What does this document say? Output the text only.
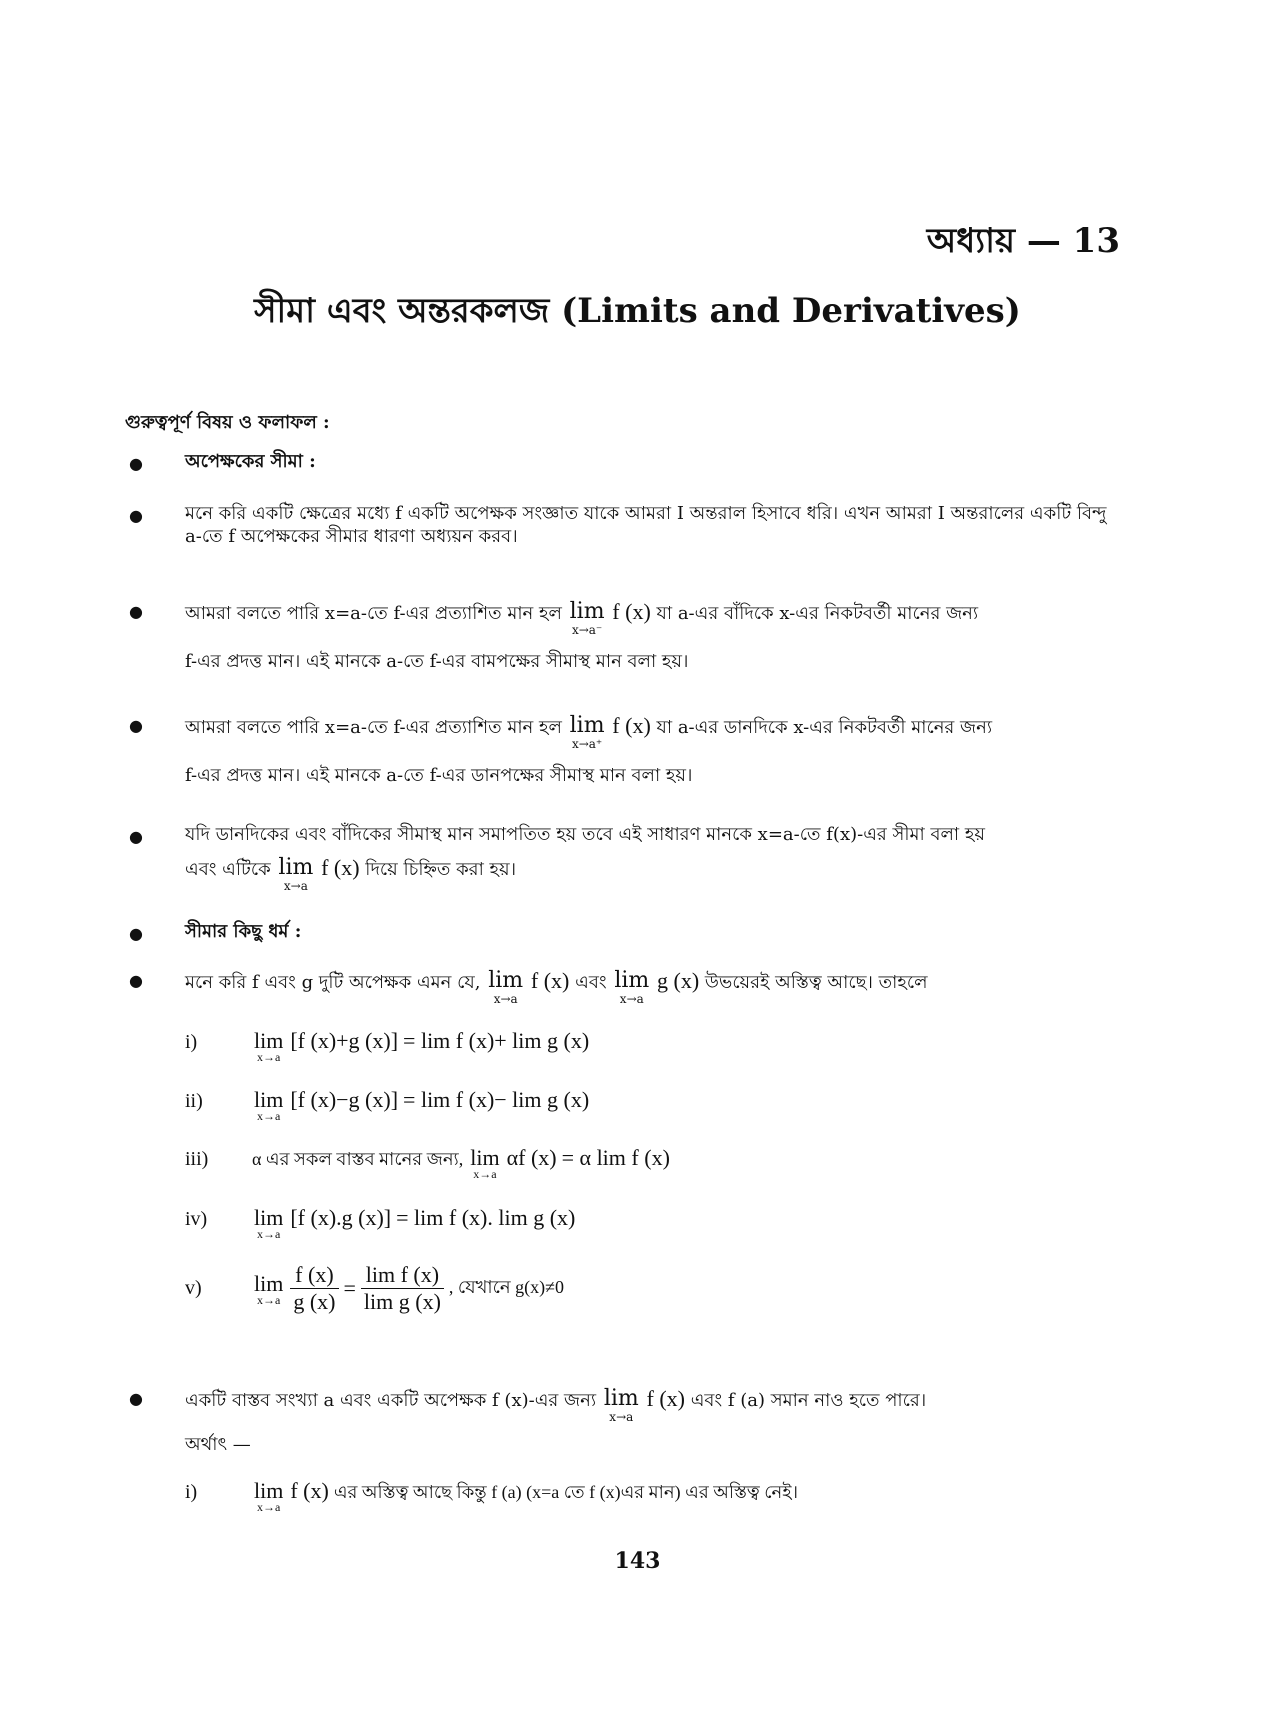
অধ্যায় — 13
সীমা এবং অন্তরকলজ (Limits and Derivatives)
গুরুত্বপূর্ণ বিষয় ও ফলাফল :
● অপেক্ষকের সীমা :
● মনে করি একটি ক্ষেত্রের মধ্যে f একটি অপেক্ষক সংজ্ঞাত যাকে আমরা I অন্তরাল হিসাবে ধরি। এখন আমরা I অন্তরালের একটি বিন্দু a-তে f অপেক্ষকের সীমার ধারণা অধ্যয়ন করব।
● আমরা বলতে পারি x=a-তে f-এর প্রত্যাশিত মান হল lim
x→a⁻
f (x) যা a-এর বাঁদিকে x-এর নিকটবর্তী মানের জন্য
f-এর প্রদত্ত মান। এই মানকে a-তে f-এর বামপক্ষের সীমাস্থ মান বলা হয়।
● আমরা বলতে পারি x=a-তে f-এর প্রত্যাশিত মান হল lim
x→a⁺
f (x) যা a-এর ডানদিকে x-এর নিকটবর্তী মানের জন্য
f-এর প্রদত্ত মান। এই মানকে a-তে f-এর ডানপক্ষের সীমাস্থ মান বলা হয়।
● যদি ডানদিকের এবং বাঁদিকের সীমাস্থ মান সমাপতিত হয় তবে এই সাধারণ মানকে x=a-তে f(x)-এর সীমা বলা হয়
এবং এটিকে lim
x→a
f (x) দিয়ে চিহ্নিত করা হয়।
● সীমার কিছু ধর্ম :
● মনে করি f এবং g দুটি অপেক্ষক এমন যে, lim
x→a
f (x) এবং lim
x→a
g (x) উভয়েরই অস্তিত্ব আছে। তাহলে
i)	lim
x→a
[f (x)+g (x)] = lim f (x)+ lim g (x)
ii) lim
x→a
[f (x)−g (x)] = lim f (x)− lim g (x)
iii) α এর সকল বাস্তব মানের জন্য, lim
x→a
αf (x) = α lim f (x)
iv) lim
x→a
[f (x).g (x)] = lim f (x). lim g (x)
v) lim
x→a
$\frac{f (x)}{g (x)} = \frac{\text{lim f (x)}}{\text{lim g (x)}}$ , যেখানে g(x)≠0
● একটি বাস্তব সংখ্যা a এবং একটি অপেক্ষক f (x)-এর জন্য lim
x→a
f (x) এবং f (a) সমান নাও হতে পারে।
অর্থাৎ —
i)	lim
x→a
f (x) এর অস্তিত্ব আছে কিন্তু f (a) (x=a তে f (x)এর মান) এর অস্তিত্ব নেই।
143
